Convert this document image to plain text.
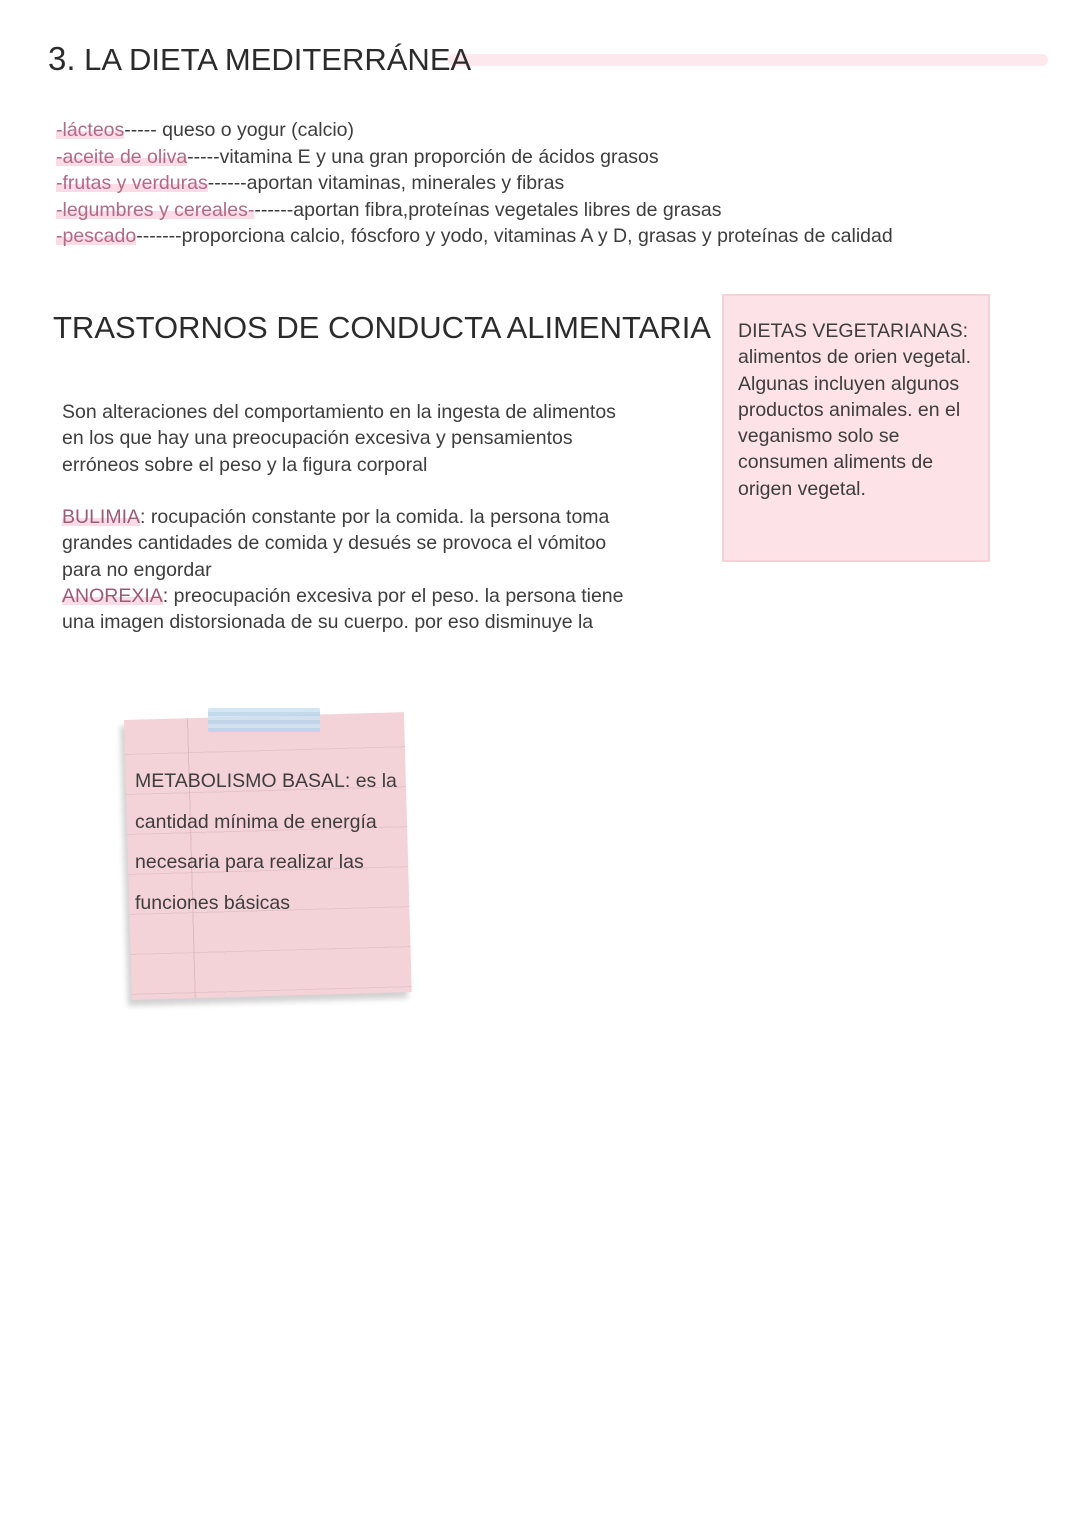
3. LA DIETA MEDITERRÁNEA
-lácteos----- queso o yogur (calcio)
-aceite de oliva-----vitamina E y una gran proporción de ácidos grasos
-frutas y verduras------aportan vitaminas, minerales y fibras
-legumbres y cereales-------aportan fibra,proteínas vegetales libres de grasas
-pescado-------proporciona calcio, fóscforo y yodo, vitaminas A y D, grasas y proteínas de calidad
TRASTORNOS DE CONDUCTA ALIMENTARIA

Son alteraciones del comportamiento en la ingesta de alimentos en los que hay una preocupación excesiva y pensamientos erróneos sobre el peso y la figura corporal

BULIMIA: rocupación constante por la comida. la persona toma grandes cantidades de comida y desués se provoca el vómitoo para no engordar

ANOREXIA: preocupación excesiva por el peso. la persona tiene una imagen distorsionada de su cuerpo. por eso disminuye la

DIETAS VEGETARIANAS: alimentos de orien vegetal. Algunas incluyen algunos productos animales. en el veganismo solo se consumen aliments de origen vegetal.

METABOLISMO BASAL: es la cantidad mínima de energía necesaria para realizar las funciones básicas
